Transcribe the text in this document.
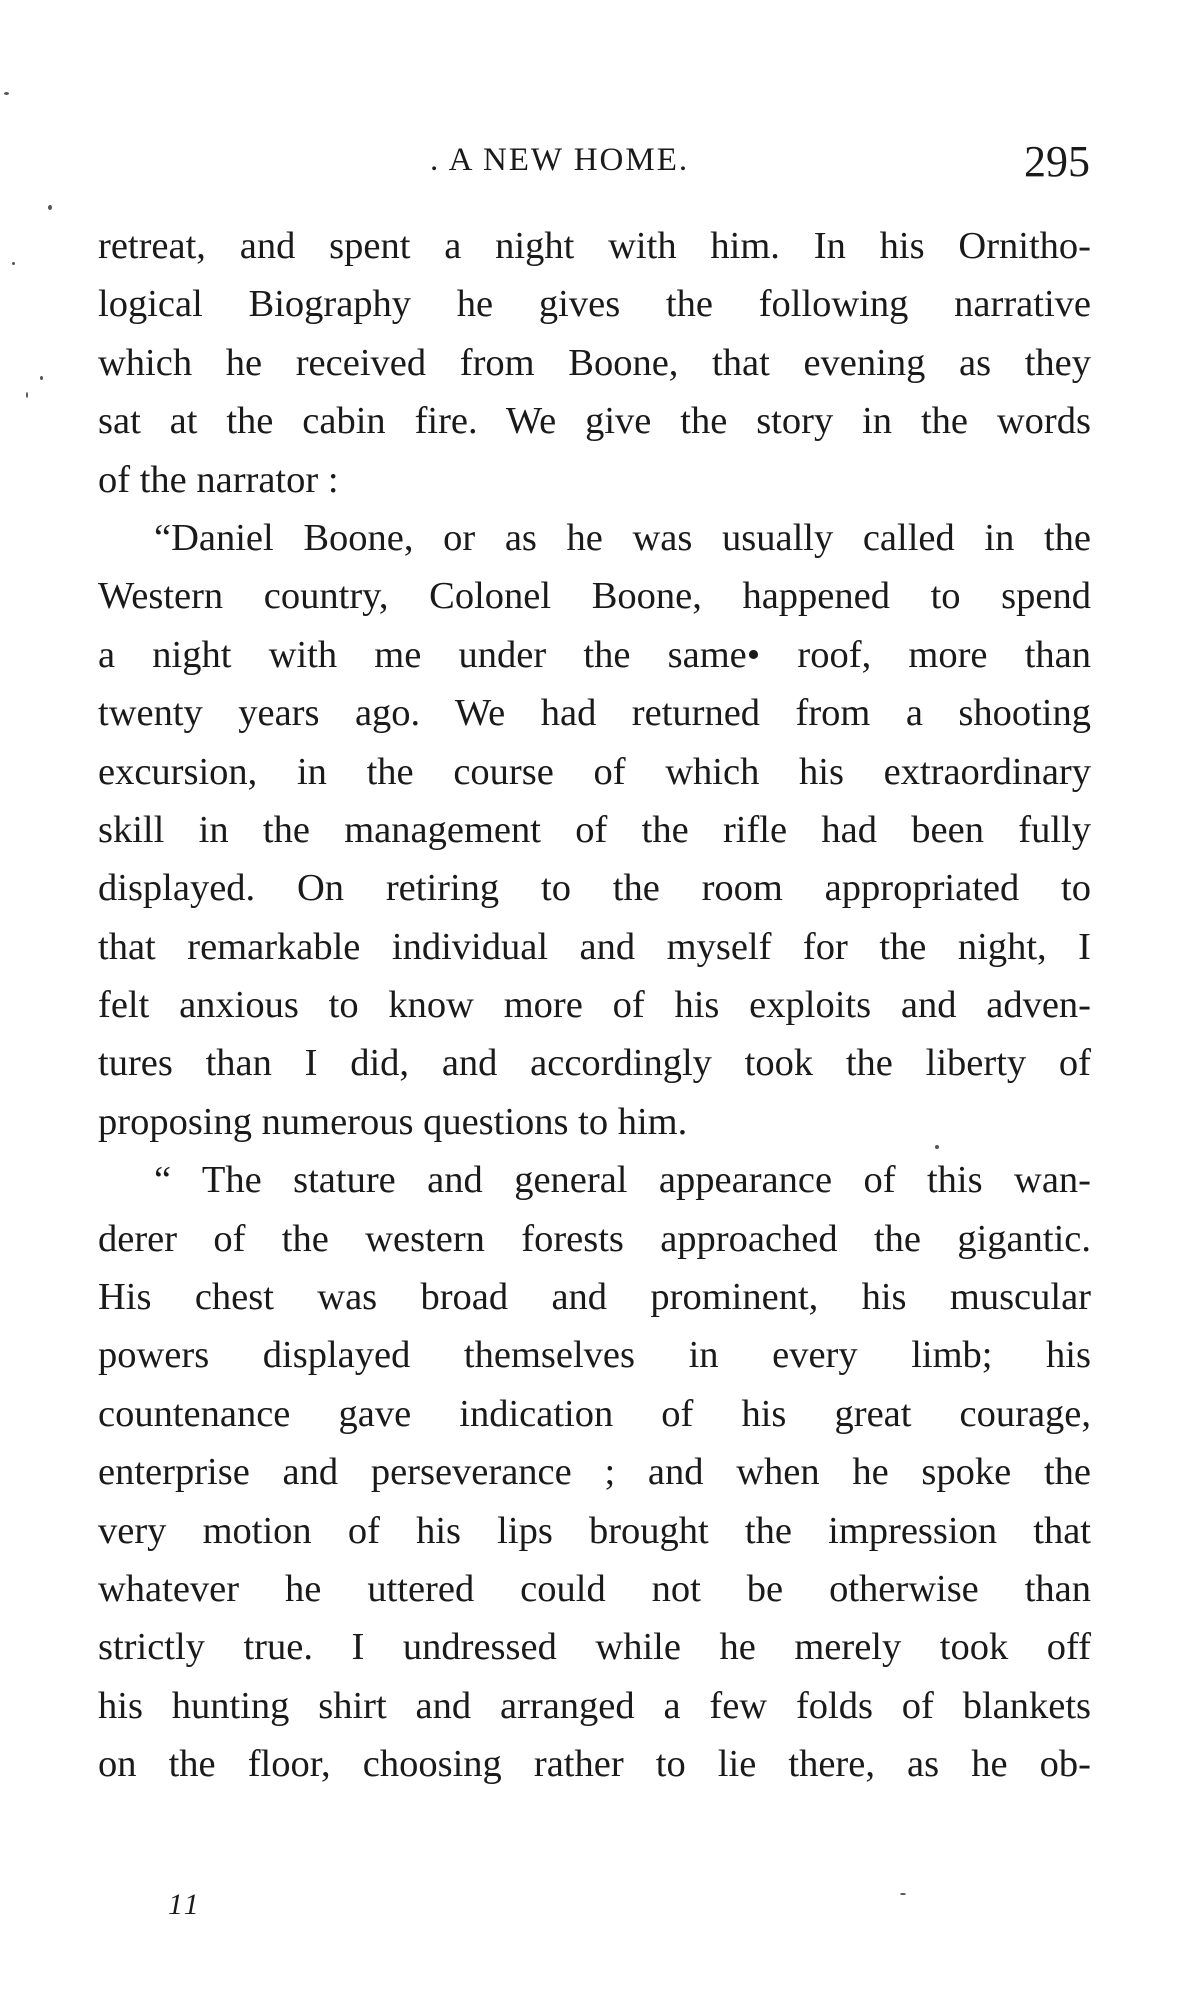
. A NEW HOME.	295
retreat, and spent a night with him. In his Ornitho-
logical Biography he gives the following narrative
which he received from Boone, that evening as they
sat at the cabin fire. We give the story in the words
of the narrator :
“Daniel Boone, or as he was usually called in the
Western country, Colonel Boone, happened to spend
a night with me under the same• roof, more than
twenty years ago. We had returned from a shooting
excursion, in the course of which his extraordinary
skill in the management of the rifle had been fully
displayed. On retiring to the room appropriated to
that remarkable individual and myself for the night, I
felt anxious to know more of his exploits and adven-
tures than I did, and accordingly took the liberty of
proposing numerous questions to him.
“ The stature and general appearance of this wan-
derer of the western forests approached the gigantic.
His chest was broad and prominent, his muscular
powers displayed themselves in every limb; his
countenance gave indication of his great courage,
enterprise and perseverance ; and when he spoke the
very motion of his lips brought the impression that
whatever he uttered could not be otherwise than
strictly true. I undressed while he merely took off
his hunting shirt and arranged a few folds of blankets
on the floor, choosing rather to lie there, as he ob-
11
